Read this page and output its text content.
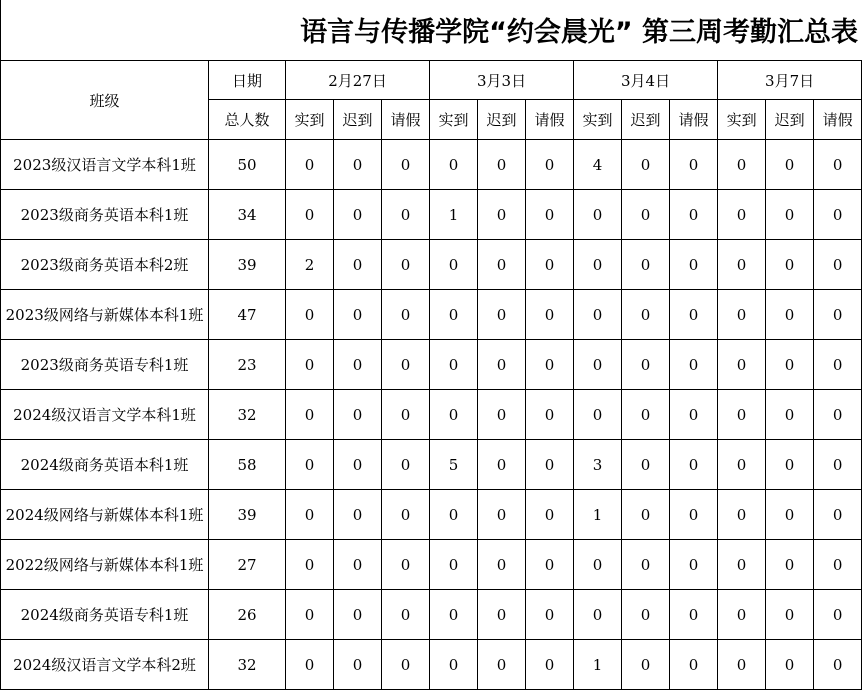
语言与传播学院“约会晨光” 第三周考勤汇总表
班级	日期	2月27日			3月3日			3月4日			3月7日		
	总人数	实到	迟到	请假	实到	迟到	请假	实到	迟到	请假	实到	迟到	请假
2023级汉语言文学本科1班	50	0	0	0	0	0	0	4	0	0	0	0	0
2023级商务英语本科1班	34	0	0	0	1	0	0	0	0	0	0	0	0
2023级商务英语本科2班	39	2	0	0	0	0	0	0	0	0	0	0	0
2023级网络与新媒体本科1班	47	0	0	0	0	0	0	0	0	0	0	0	0
2023级商务英语专科1班	23	0	0	0	0	0	0	0	0	0	0	0	0
2024级汉语言文学本科1班	32	0	0	0	0	0	0	0	0	0	0	0	0
2024级商务英语本科1班	58	0	0	0	5	0	0	3	0	0	0	0	0
2024级网络与新媒体本科1班	39	0	0	0	0	0	0	1	0	0	0	0	0
2022级网络与新媒体本科1班	27	0	0	0	0	0	0	0	0	0	0	0	0
2024级商务英语专科1班	26	0	0	0	0	0	0	0	0	0	0	0	0
2024级汉语言文学本科2班	32	0	0	0	0	0	0	1	0	0	0	0	0
